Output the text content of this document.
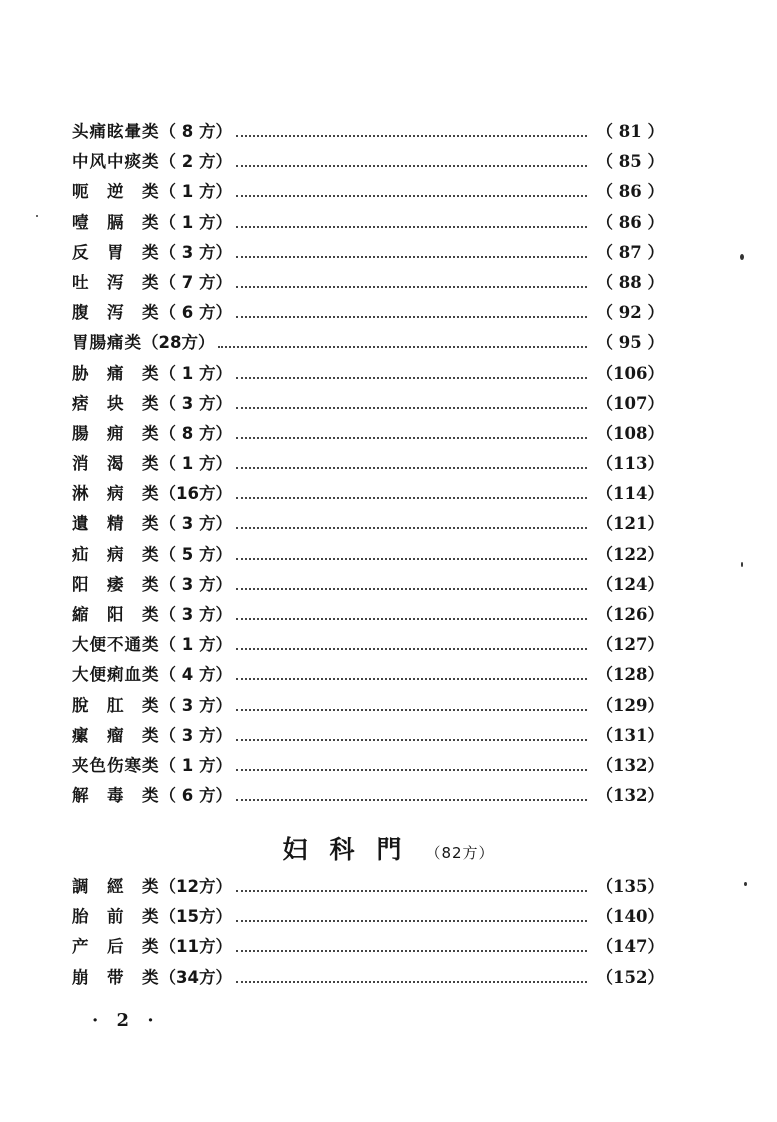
头痛眩暈类 （ 8 方）	（ 81 ）
中风中痰类 （ 2 方）	（ 85 ）
呃　逆　类 （ 1 方）	（ 86 ）
噎　膈　类 （ 1 方）	（ 86 ）
反　胃　类 （ 3 方）	（ 87 ）
吐　泻　类 （ 7 方）	（ 88 ）
腹　泻　类 （ 6 方）	（ 92 ）
胃腸痛类 （28方）	（ 95 ）
胁　痛　类 （ 1 方）	（106）
痞　块　类 （ 3 方）	（107）
腸　痈　类 （ 8 方）	（108）
消　渴　类 （ 1 方）	（113）
淋　病　类 （16方）	（114）
遺　精　类 （ 3 方）	（121）
疝　病　类 （ 5 方）	（122）
阳　痿　类 （ 3 方）	（124）
縮　阳　类 （ 3 方）	（126）
大便不通类 （ 1 方）	（127）
大便痢血类 （ 4 方）	（128）
脫　肛　类 （ 3 方）	（129）
瘰　瘤　类 （ 3 方）	（131）
夹色伤寒类 （ 1 方）	（132）
解　毒　类 （ 6 方）	（132）
妇科門 （82方）
調　經　类 （12方）	（135）
胎　前　类 （15方）	（140）
产　后　类 （11方）	（147）
崩　带　类 （34方）	（152）
· 2 ·
